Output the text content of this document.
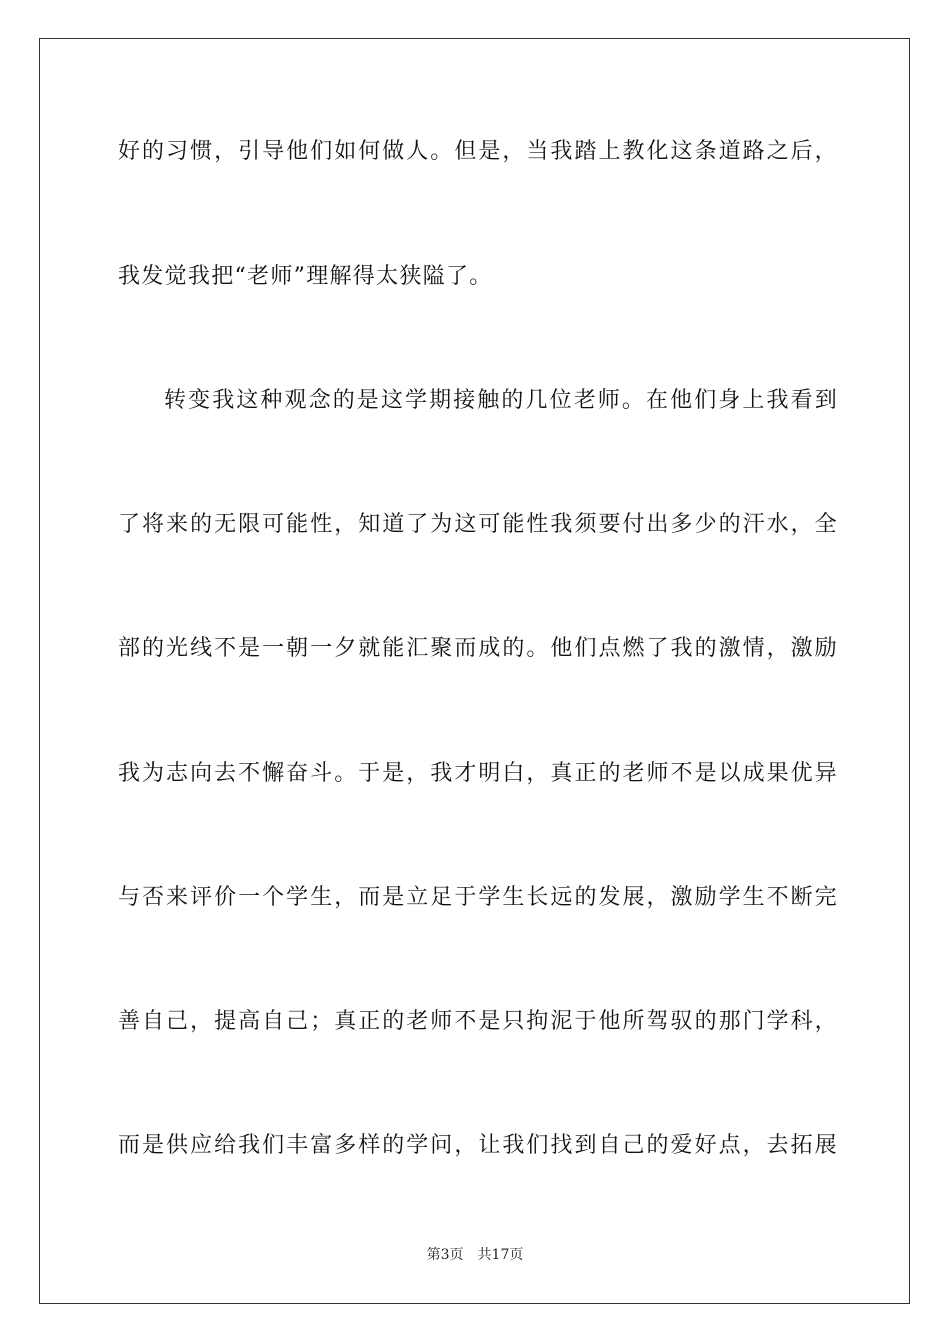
好的习惯，引导他们如何做人。但是，当我踏上教化这条道路之后，
我发觉我把“老师”理解得太狭隘了。
转变我这种观念的是这学期接触的几位老师。在他们身上我看到
了将来的无限可能性，知道了为这可能性我须要付出多少的汗水，全
部的光线不是一朝一夕就能汇聚而成的。他们点燃了我的激情，激励
我为志向去不懈奋斗。于是，我才明白，真正的老师不是以成果优异
与否来评价一个学生，而是立足于学生长远的发展，激励学生不断完
善自己，提高自己；真正的老师不是只拘泥于他所驾驭的那门学科，
而是供应给我们丰富多样的学问，让我们找到自己的爱好点，去拓展
第3页 共17页
